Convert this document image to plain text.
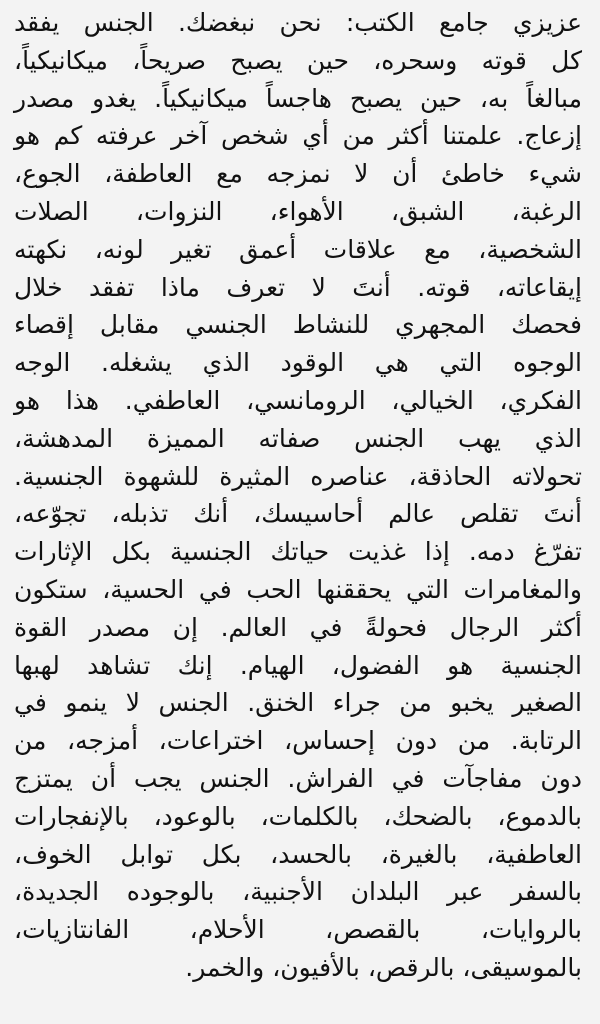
عزيزي جامع الكتب: نحن نبغضك. الجنس يفقد
كل قوته وسحره، حين يصبح صريحاً، ميكانيكياً،
مبالغاً به، حين يصبح هاجساً ميكانيكياً. يغدو مصدر
إزعاج. علمتنا أكثر من أي شخص آخر عرفته كم هو
شيء خاطئ أن لا نمزجه مع العاطفة، الجوع،
الرغبة، الشبق، الأهواء، النزوات، الصلات
الشخصية، مع علاقات أعمق تغير لونه، نكهته
إيقاعاته، قوته. أنتَ لا تعرف ماذا تفقد خلال
فحصك المجهري للنشاط الجنسي مقابل إقصاء
الوجوه التي هي الوقود الذي يشغله. الوجه
الفكري، الخيالي، الرومانسي، العاطفي. هذا هو
الذي يهب الجنس صفاته المميزة المدهشة،
تحولاته الحاذقة، عناصره المثيرة للشهوة الجنسية.
أنتَ تقلص عالم أحاسيسك، أنك تذبله، تجوّعه،
تفرّغ دمه. إذا غذيت حياتك الجنسية بكل الإثارات
والمغامرات التي يحققنها الحب في الحسية، ستكون
أكثر الرجال فحولةً في العالم. إن مصدر القوة
الجنسية هو الفضول، الهيام. إنك تشاهد لهبها
الصغير يخبو من جراء الخنق. الجنس لا ينمو في
الرتابة. من دون إحساس، اختراعات، أمزجه، من
دون مفاجآت في الفراش. الجنس يجب أن يمتزج
بالدموع، بالضحك، بالكلمات، بالوعود، بالإنفجارات
العاطفية، بالغيرة، بالحسد، بكل توابل الخوف،
بالسفر عبر البلدان الأجنبية، بالوجوده الجديدة،
بالروايات، بالقصص، الأحلام، الفانتازيات،
بالموسيقى، بالرقص، بالأفيون، والخمر.
